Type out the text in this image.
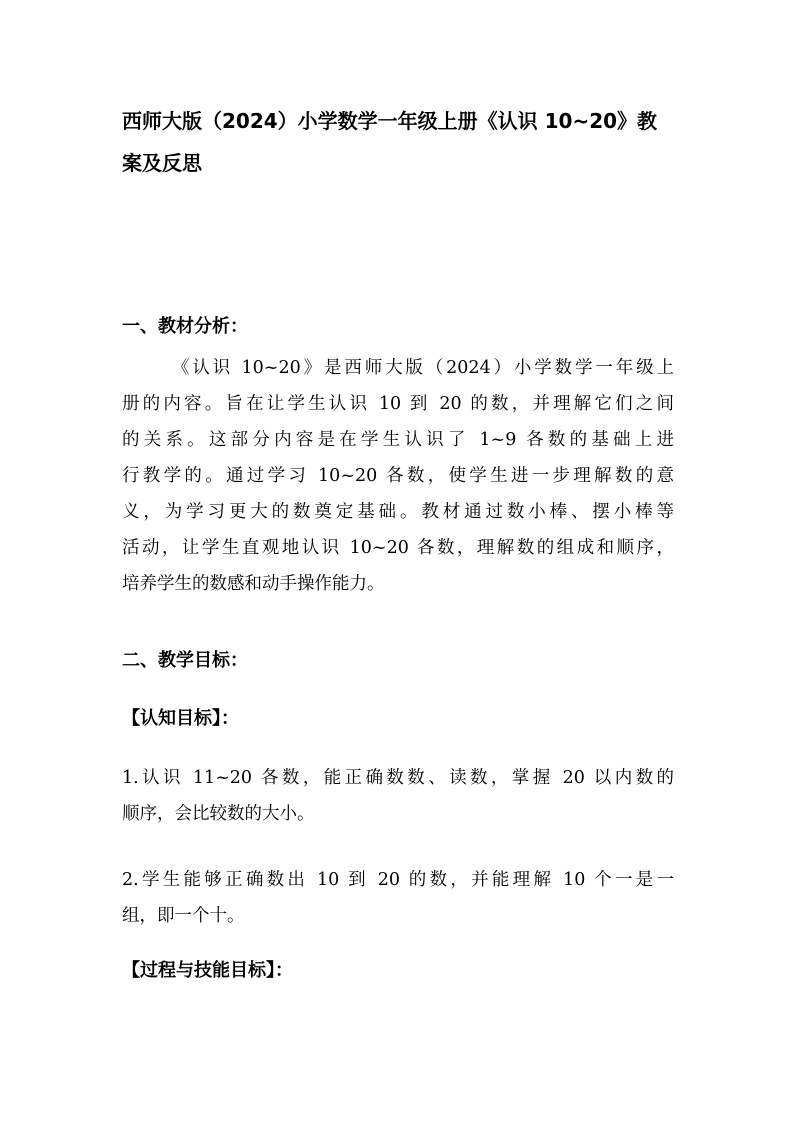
西师大版（2024）小学数学一年级上册《认识 10~20》教
案及反思
一、教材分析：

《认识 10~20》是西师大版（2024）小学数学一年级上
册的内容。旨在让学生认识 10 到 20 的数，并理解它们之间
的关系。这部分内容是在学生认识了 1~9 各数的基础上进
行教学的。通过学习 10~20 各数，使学生进一步理解数的意
义，为学习更大的数奠定基础。教材通过数小棒、摆小棒等
活动，让学生直观地认识 10~20 各数，理解数的组成和顺序，
培养学生的数感和动手操作能力。

二、教学目标：
【认知目标】：

1.认识 11~20 各数，能正确数数、读数，掌握 20 以内数的
顺序，会比较数的大小。

2.学生能够正确数出 10 到 20 的数，并能理解 10 个一是一
组，即一个十。

【过程与技能目标】：
